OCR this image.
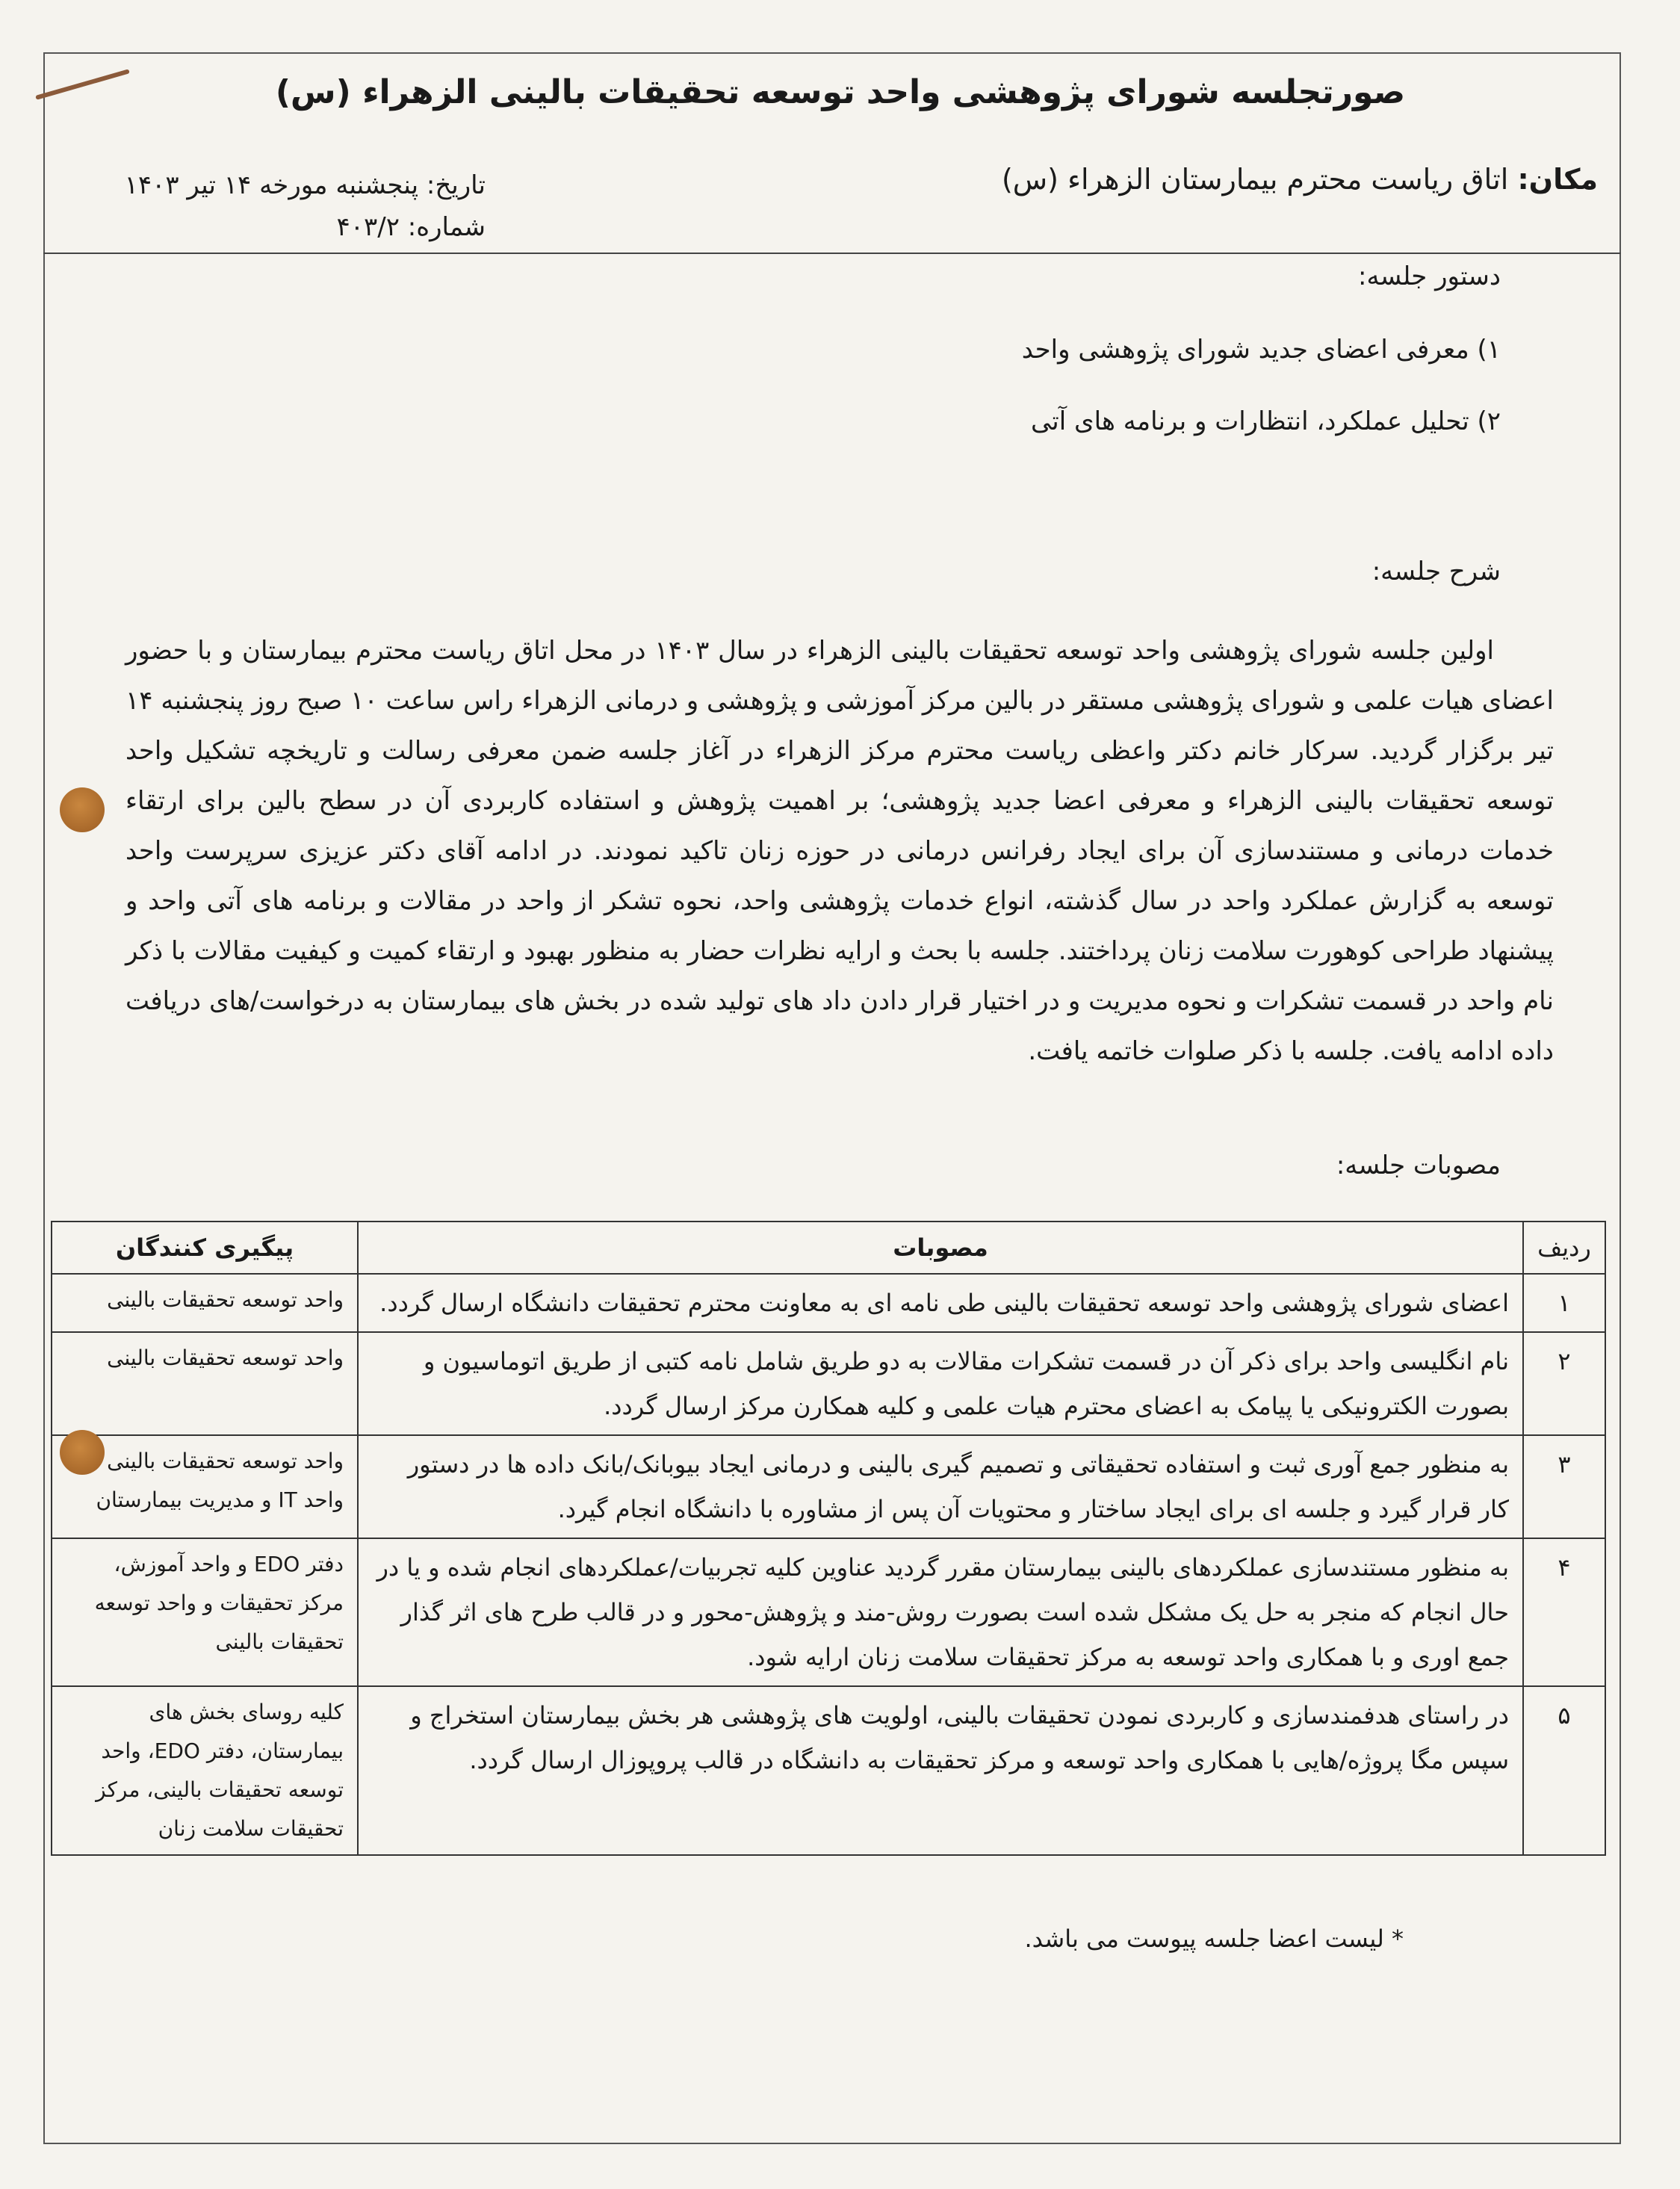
صورتجلسه شورای پژوهشی واحد توسعه تحقیقات بالینی الزهراء (س)
مکان: اتاق ریاست محترم بیمارستان الزهراء (س)
تاریخ: پنجشنبه مورخه ۱۴ تیر ۱۴۰۳
شماره: ۴۰۳/۲
دستور جلسه:
۱) معرفی اعضای جدید شورای پژوهشی واحد
۲) تحلیل عملکرد، انتظارات و برنامه های آتی
شرح جلسه:
اولین جلسه شورای پژوهشی واحد توسعه تحقیقات بالینی الزهراء در سال ۱۴۰۳ در محل اتاق ریاست محترم بیمارستان و با حضور اعضای هیات علمی و شورای پژوهشی مستقر در بالین مرکز آموزشی و پژوهشی و درمانی الزهراء راس ساعت ۱۰ صبح روز پنجشنبه ۱۴ تیر برگزار گردید. سرکار خانم دکتر واعظی ریاست محترم مرکز الزهراء در آغاز جلسه ضمن معرفی رسالت و تاریخچه تشکیل واحد توسعه تحقیقات بالینی الزهراء و معرفی اعضا جدید پژوهشی؛ بر اهمیت پژوهش و استفاده کاربردی آن در سطح بالین برای ارتقاء خدمات درمانی و مستندسازی آن برای ایجاد رفرانس درمانی در حوزه زنان تاکید نمودند. در ادامه آقای دکتر عزیزی سرپرست واحد توسعه به گزارش عملکرد واحد در سال گذشته، انواع خدمات پژوهشی واحد، نحوه تشکر از واحد در مقالات و برنامه های آتی واحد و پیشنهاد طراحی کوهورت سلامت زنان پرداختند. جلسه با بحث و ارایه نظرات حضار به منظور بهبود و ارتقاء کمیت و کیفیت مقالات با ذکر نام واحد در قسمت تشکرات و نحوه مدیریت و در اختیار قرار دادن داد های تولید شده در بخش های بیمارستان به درخواست/های دریافت داده ادامه یافت. جلسه با ذکر صلوات خاتمه یافت.
مصوبات جلسه:
ردیف	مصوبات	پیگیری کنندگان
۱	اعضای شورای پژوهشی واحد توسعه تحقیقات بالینی طی نامه ای به معاونت محترم تحقیقات دانشگاه ارسال گردد.	واحد توسعه تحقیقات بالینی
۲	نام انگلیسی واحد برای ذکر آن در قسمت تشکرات مقالات به دو طریق شامل نامه کتبی از طریق اتوماسیون و بصورت الکترونیکی یا پیامک به اعضای محترم هیات علمی و کلیه همکارن مرکز ارسال گردد.	واحد توسعه تحقیقات بالینی
۳	به منظور جمع آوری ثبت و استفاده تحقیقاتی و تصمیم گیری بالینی و درمانی ایجاد بیوبانک/بانک داده ها در دستور کار قرار گیرد و جلسه ای برای ایجاد ساختار و محتویات آن پس از مشاوره با دانشگاه انجام گیرد.	واحد توسعه تحقیقات بالینی واحد IT و مدیریت بیمارستان
۴	به منظور مستندسازی عملکردهای بالینی بیمارستان مقرر گردید عناوین کلیه تجربیات/عملکردهای انجام شده و یا در حال انجام که منجر به حل یک مشکل شده است بصورت روش-مند و پژوهش-محور و در قالب طرح های اثر گذار جمع اوری و با همکاری واحد توسعه به مرکز تحقیقات سلامت زنان ارایه شود.	دفتر EDO و واحد آموزش، مرکز تحقیقات و واحد توسعه تحقیقات بالینی
۵	در راستای هدفمندسازی و کاربردی نمودن تحقیقات بالینی، اولویت های پژوهشی هر بخش بیمارستان استخراج و سپس مگا پروژه/هایی با همکاری واحد توسعه و مرکز تحقیقات به دانشگاه در قالب پروپوزال ارسال گردد.	کلیه روسای بخش های بیمارستان، دفتر EDO، واحد توسعه تحقیقات بالینی، مرکز تحقیقات سلامت زنان
* لیست اعضا جلسه پیوست می باشد.
